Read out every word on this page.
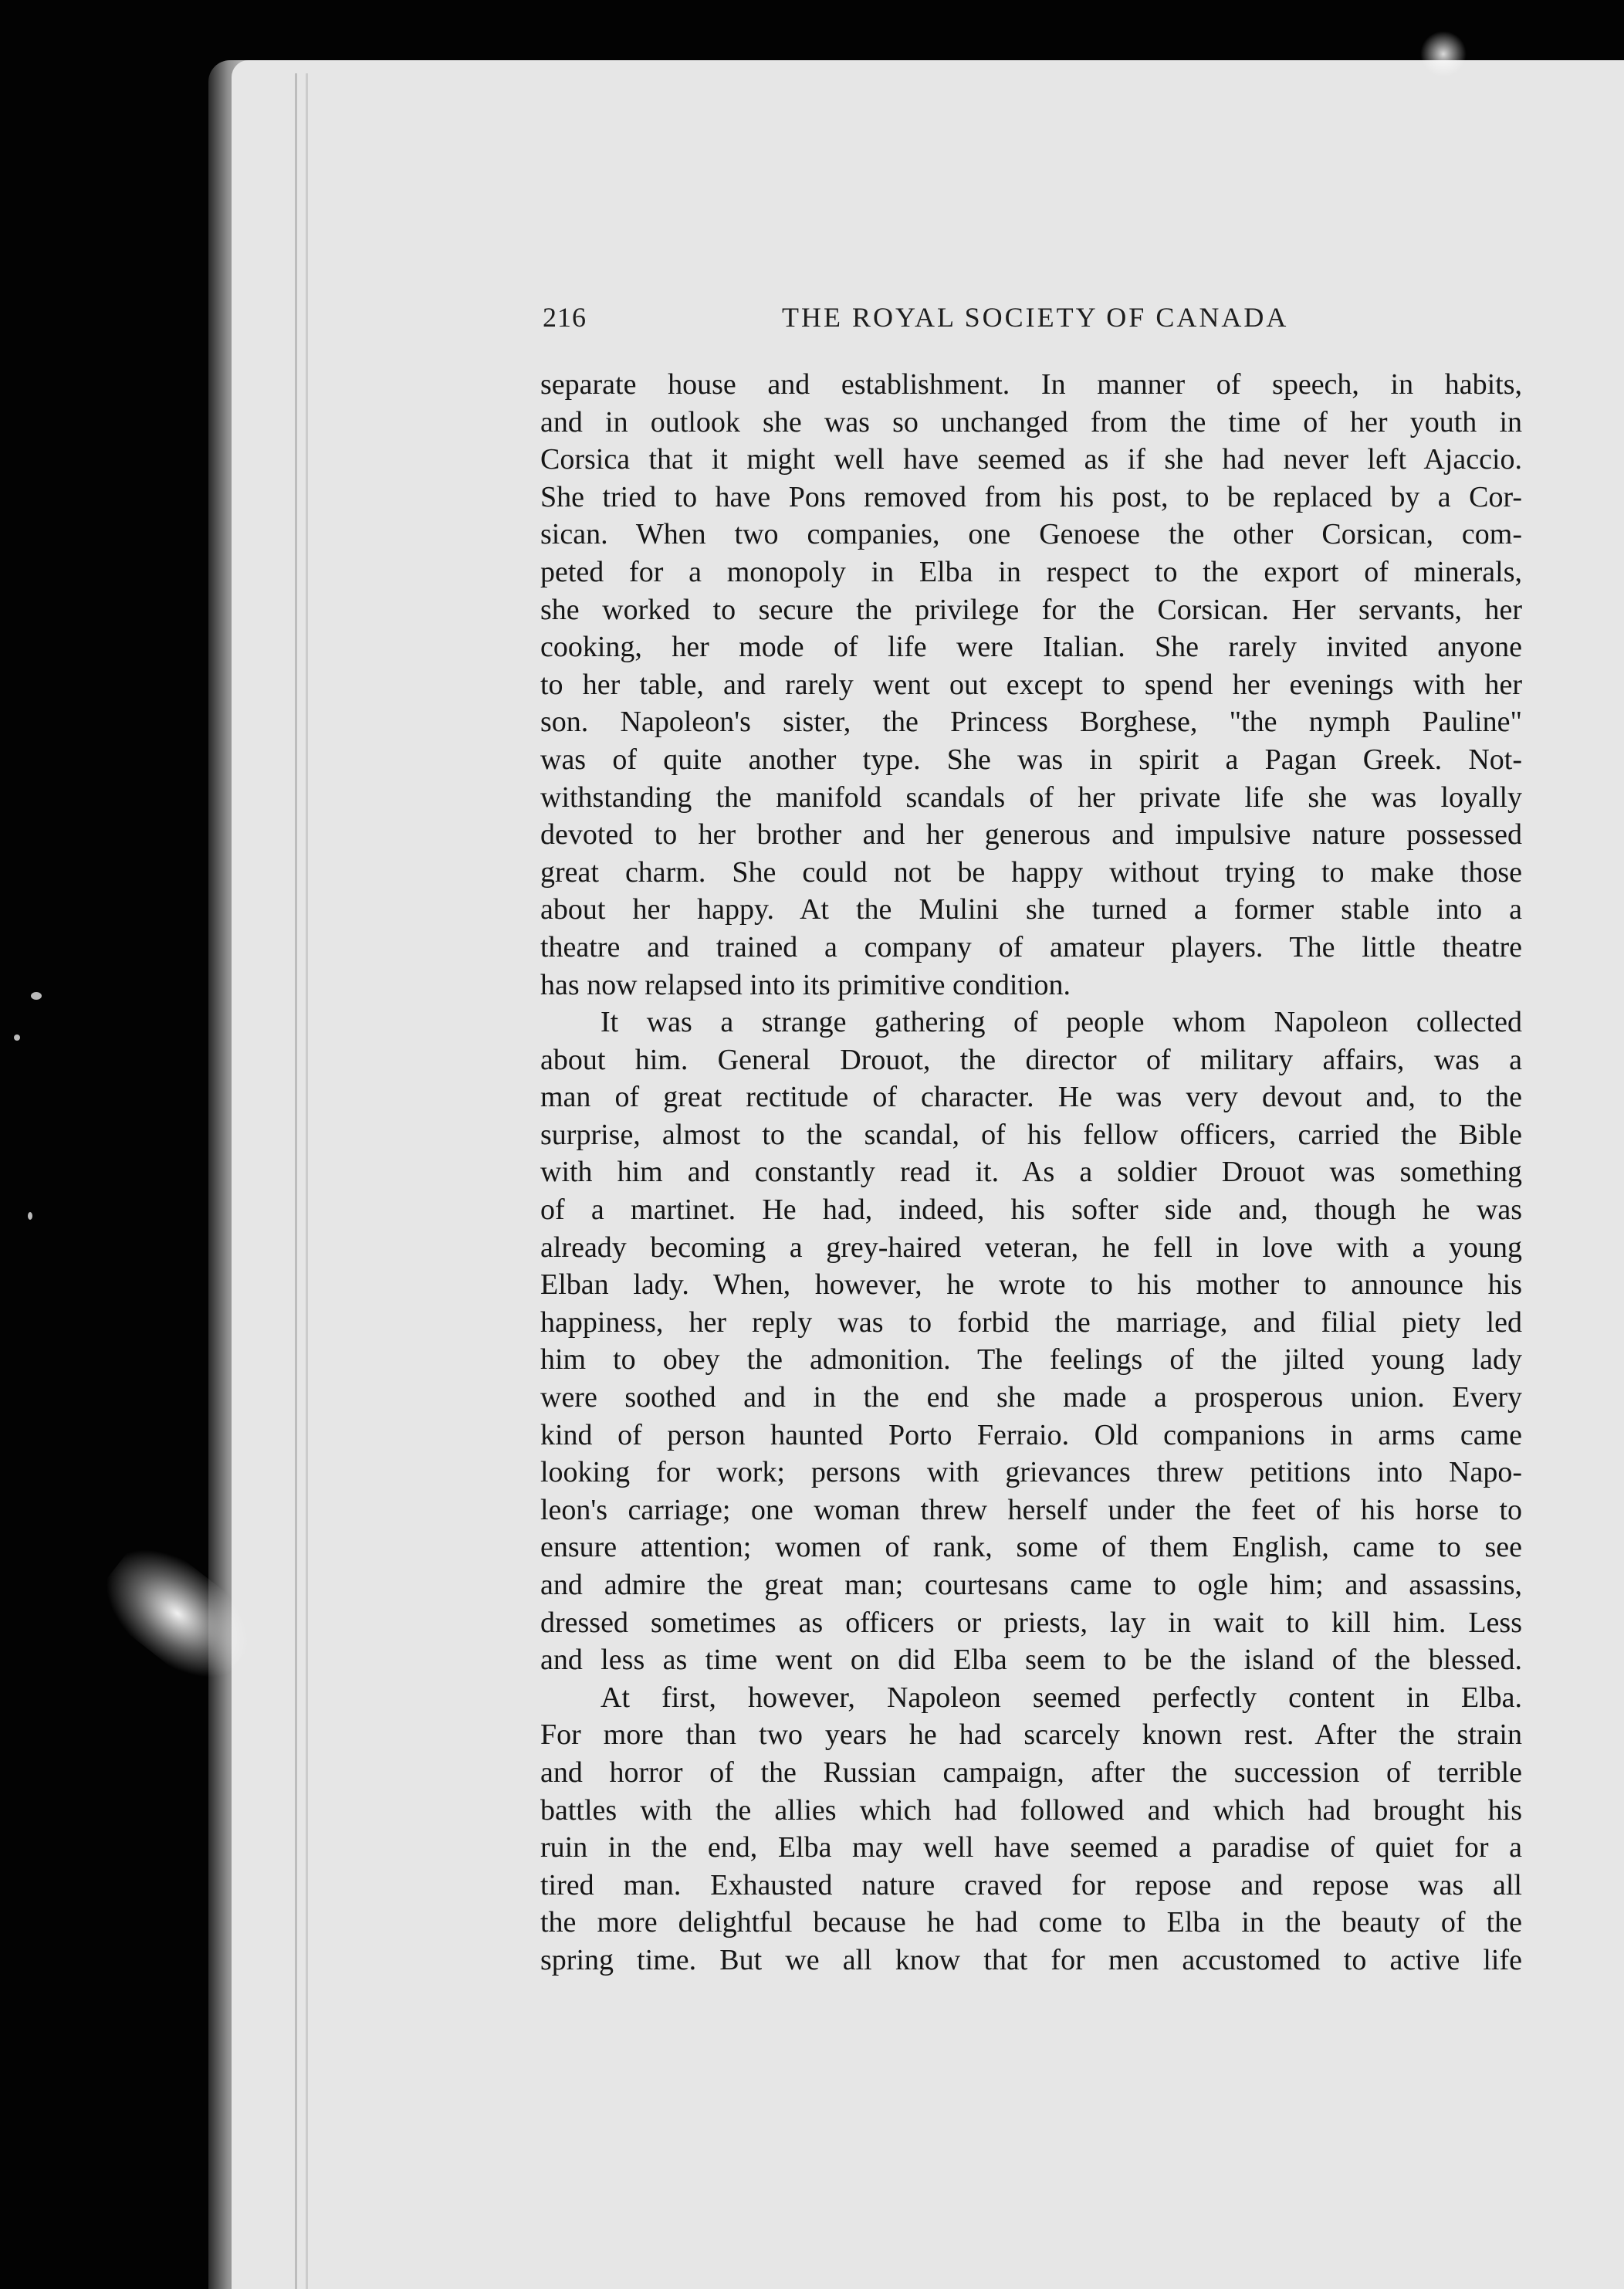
216	THE ROYAL SOCIETY OF CANADA
separate house and establishment. In manner of speech, in habits,
and in outlook she was so unchanged from the time of her youth in
Corsica that it might well have seemed as if she had never left Ajaccio.
She tried to have Pons removed from his post, to be replaced by a Cor-
sican. When two companies, one Genoese the other Corsican, com-
peted for a monopoly in Elba in respect to the export of minerals,
she worked to secure the privilege for the Corsican. Her servants, her
cooking, her mode of life were Italian. She rarely invited anyone
to her table, and rarely went out except to spend her evenings with her
son. Napoleon's sister, the Princess Borghese, "the nymph Pauline"
was of quite another type. She was in spirit a Pagan Greek. Not-
withstanding the manifold scandals of her private life she was loyally
devoted to her brother and her generous and impulsive nature possessed
great charm. She could not be happy without trying to make those
about her happy. At the Mulini she turned a former stable into a
theatre and trained a company of amateur players. The little theatre
has now relapsed into its primitive condition.
It was a strange gathering of people whom Napoleon collected
about him. General Drouot, the director of military affairs, was a
man of great rectitude of character. He was very devout and, to the
surprise, almost to the scandal, of his fellow officers, carried the Bible
with him and constantly read it. As a soldier Drouot was something
of a martinet. He had, indeed, his softer side and, though he was
already becoming a grey-haired veteran, he fell in love with a young
Elban lady. When, however, he wrote to his mother to announce his
happiness, her reply was to forbid the marriage, and filial piety led
him to obey the admonition. The feelings of the jilted young lady
were soothed and in the end she made a prosperous union. Every
kind of person haunted Porto Ferraio. Old companions in arms came
looking for work; persons with grievances threw petitions into Napo-
leon's carriage; one woman threw herself under the feet of his horse to
ensure attention; women of rank, some of them English, came to see
and admire the great man; courtesans came to ogle him; and assassins,
dressed sometimes as officers or priests, lay in wait to kill him. Less
and less as time went on did Elba seem to be the island of the blessed.
At first, however, Napoleon seemed perfectly content in Elba.
For more than two years he had scarcely known rest. After the strain
and horror of the Russian campaign, after the succession of terrible
battles with the allies which had followed and which had brought his
ruin in the end, Elba may well have seemed a paradise of quiet for a
tired man. Exhausted nature craved for repose and repose was all
the more delightful because he had come to Elba in the beauty of the
spring time. But we all know that for men accustomed to active life
